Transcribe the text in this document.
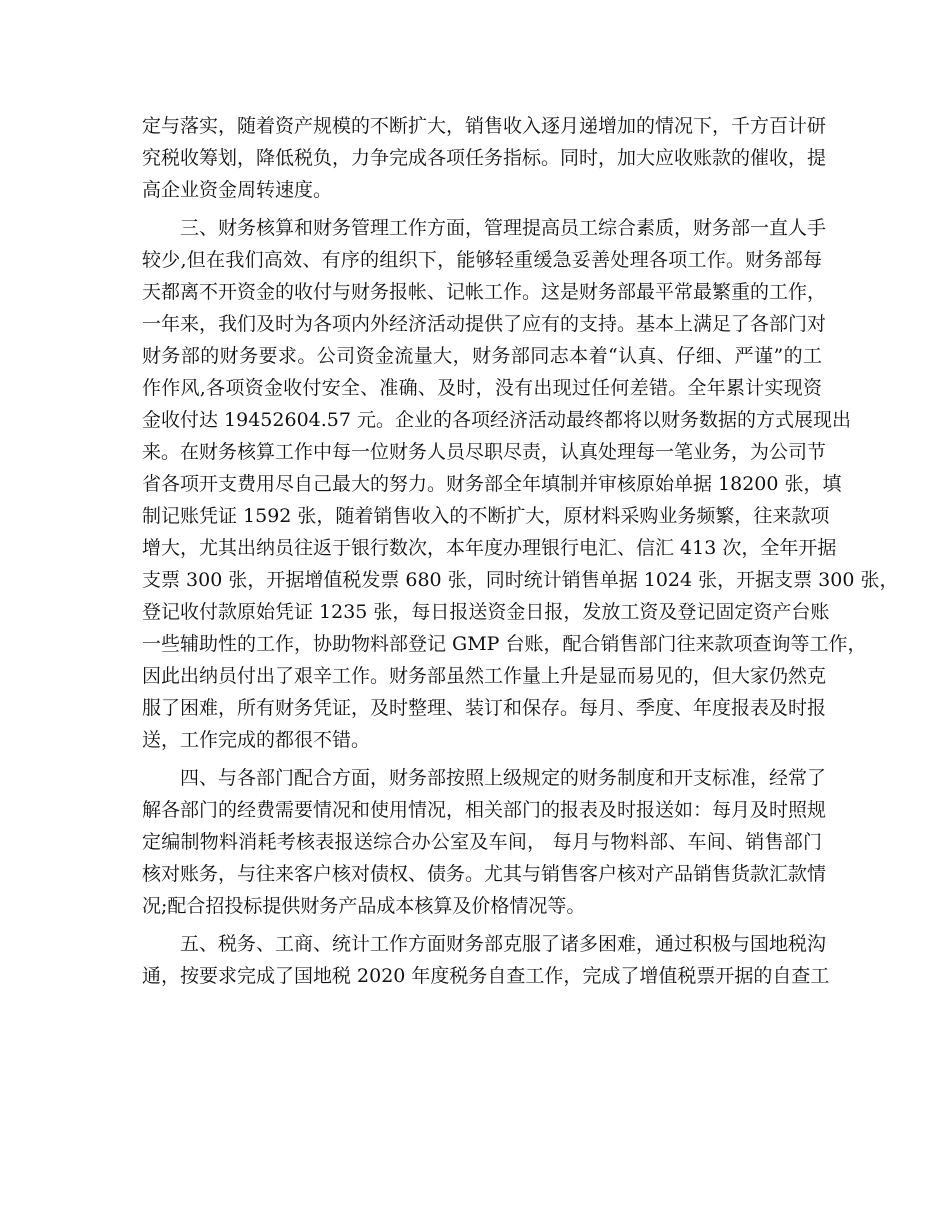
定与落实，随着资产规模的不断扩大，销售收入逐月递增加的情况下，千方百计研
究税收筹划，降低税负，力争完成各项任务指标。同时，加大应收账款的催收，提
高企业资金周转速度。
三、财务核算和财务管理工作方面，管理提高员工综合素质，财务部一直人手
较少,但在我们高效、有序的组织下，能够轻重缓急妥善处理各项工作。财务部每
天都离不开资金的收付与财务报帐、记帐工作。这是财务部最平常最繁重的工作，
一年来，我们及时为各项内外经济活动提供了应有的支持。基本上满足了各部门对
财务部的财务要求。公司资金流量大，财务部同志本着“认真、仔细、严谨”的工
作作风,各项资金收付安全、准确、及时，没有出现过任何差错。全年累计实现资
金收付达 19452604.57 元。企业的各项经济活动最终都将以财务数据的方式展现出
来。在财务核算工作中每一位财务人员尽职尽责，认真处理每一笔业务，为公司节
省各项开支费用尽自己最大的努力。财务部全年填制并审核原始单据 18200 张，填
制记账凭证 1592 张，随着销售收入的不断扩大，原材料采购业务频繁，往来款项
增大，尤其出纳员往返于银行数次，本年度办理银行电汇、信汇 413 次，全年开据
支票 300 张，开据增值税发票 680 张，同时统计销售单据 1024 张，开据支票 300 张，
登记收付款原始凭证 1235 张，每日报送资金日报，发放工资及登记固定资产台账
一些辅助性的工作，协助物料部登记 GMP 台账，配合销售部门往来款项查询等工作，
因此出纳员付出了艰辛工作。财务部虽然工作量上升是显而易见的，但大家仍然克
服了困难，所有财务凭证，及时整理、装订和保存。每月、季度、年度报表及时报
送，工作完成的都很不错。
四、与各部门配合方面，财务部按照上级规定的财务制度和开支标准，经常了
解各部门的经费需要情况和使用情况，相关部门的报表及时报送如：每月及时照规
定编制物料消耗考核表报送综合办公室及车间， 每月与物料部、车间、销售部门
核对账务，与往来客户核对债权、债务。尤其与销售客户核对产品销售货款汇款情
况;配合招投标提供财务产品成本核算及价格情况等。
五、税务、工商、统计工作方面财务部克服了诸多困难，通过积极与国地税沟
通，按要求完成了国地税 2020 年度税务自查工作，完成了增值税票开据的自查工
